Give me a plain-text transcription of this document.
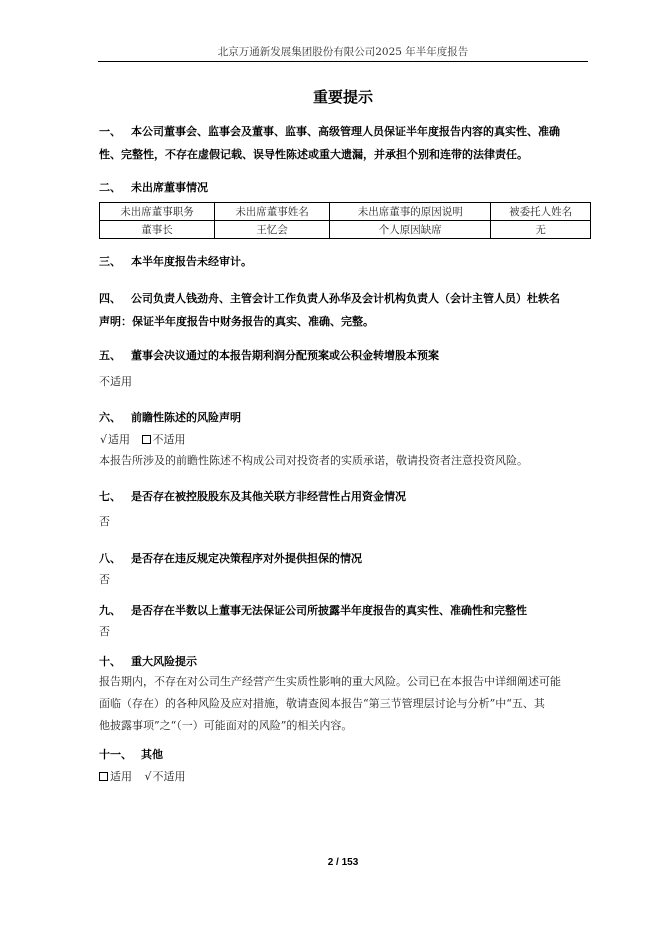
北京万通新发展集团股份有限公司2025 年半年度报告
重要提示
一、 本公司董事会、监事会及董事、监事、高级管理人员保证半年度报告内容的真实性、准确
性、完整性，不存在虚假记载、误导性陈述或重大遗漏，并承担个别和连带的法律责任。
二、 未出席董事情况
未出席董事职务	未出席董事姓名	未出席董事的原因说明	被委托人姓名
董事长	王忆会	个人原因缺席	无
三、 本半年度报告未经审计。
四、 公司负责人钱劲舟、主管会计工作负责人孙华及会计机构负责人（会计主管人员）杜轶名
声明：保证半年度报告中财务报告的真实、准确、完整。
五、 董事会决议通过的本报告期利润分配预案或公积金转增股本预案
不适用
六、 前瞻性陈述的风险声明
√适用 不适用
本报告所涉及的前瞻性陈述不构成公司对投资者的实质承诺，敬请投资者注意投资风险。
七、 是否存在被控股股东及其他关联方非经营性占用资金情况
否
八、 是否存在违反规定决策程序对外提供担保的情况
否
九、 是否存在半数以上董事无法保证公司所披露半年度报告的真实性、准确性和完整性
否
十、 重大风险提示
报告期内，不存在对公司生产经营产生实质性影响的重大风险。公司已在本报告中详细阐述可能
面临（存在）的各种风险及应对措施，敬请查阅本报告“第三节管理层讨论与分析”中“五、其
他披露事项”之“（一）可能面对的风险”的相关内容。
十一、 其他
适用 √不适用
2 / 153
